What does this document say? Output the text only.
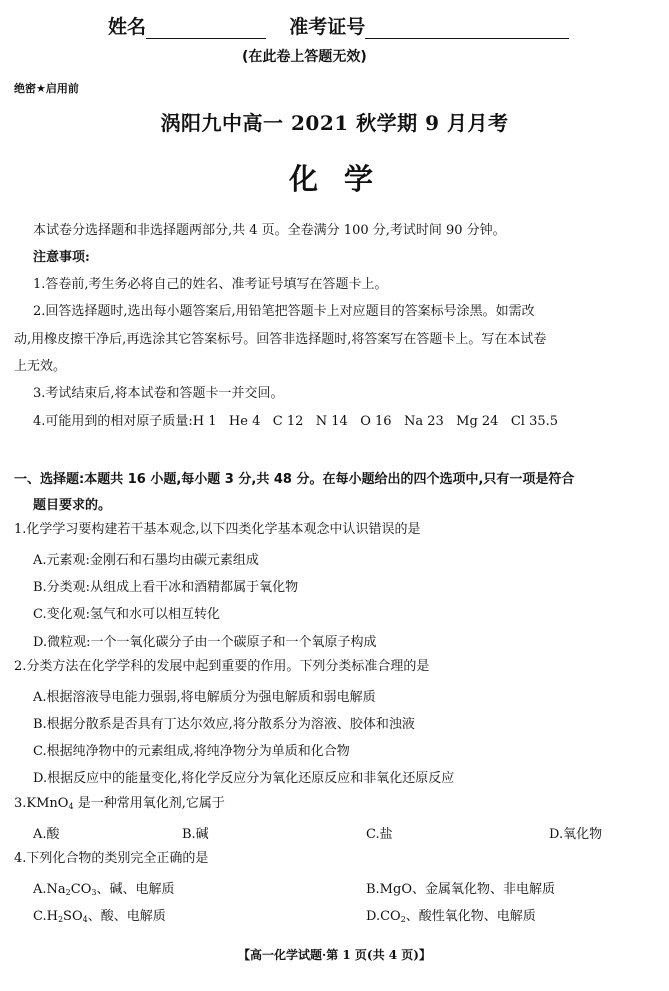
姓名	准考证号
(在此卷上答题无效)
绝密★启用前
涡阳九中高一 2021 秋学期 9 月月考
化学
本试卷分选择题和非选择题两部分,共 4 页。全卷满分 100 分,考试时间 90 分钟。
注意事项:
1.答卷前,考生务必将自己的姓名、准考证号填写在答题卡上。
2.回答选择题时,选出每小题答案后,用铅笔把答题卡上对应题目的答案标号涂黑。如需改
动,用橡皮擦干净后,再选涂其它答案标号。回答非选择题时,将答案写在答题卡上。写在本试卷
上无效。
3.考试结束后,将本试卷和答题卡一并交回。
4.可能用到的相对原子质量:H 1   He 4   C 12   N 14   O 16   Na 23   Mg 24   Cl 35.5
一、选择题:本题共 16 小题,每小题 3 分,共 48 分。在每小题给出的四个选项中,只有一项是符合
题目要求的。
1.化学学习要构建若干基本观念,以下四类化学基本观念中认识错误的是
A.元素观:金刚石和石墨均由碳元素组成
B.分类观:从组成上看干冰和酒精都属于氧化物
C.变化观:氢气和水可以相互转化
D.微粒观:一个一氧化碳分子由一个碳原子和一个氧原子构成
2.分类方法在化学学科的发展中起到重要的作用。下列分类标准合理的是
A.根据溶液导电能力强弱,将电解质分为强电解质和弱电解质
B.根据分散系是否具有丁达尔效应,将分散系分为溶液、胶体和浊液
C.根据纯净物中的元素组成,将纯净物分为单质和化合物
D.根据反应中的能量变化,将化学反应分为氧化还原反应和非氧化还原反应
3.KMnO$_4$ 是一种常用氧化剂,它属于
A.酸	B.碱	C.盐	D.氧化物
4.下列化合物的类别完全正确的是
$A.Na_2CO_3$、碱、电解质	B.MgO、金属氧化物、非电解质
$C.H_2SO_4$、酸、电解质	$D.CO_2$、酸性氧化物、电解质
【高一化学试题·第 1 页(共 4 页)】
